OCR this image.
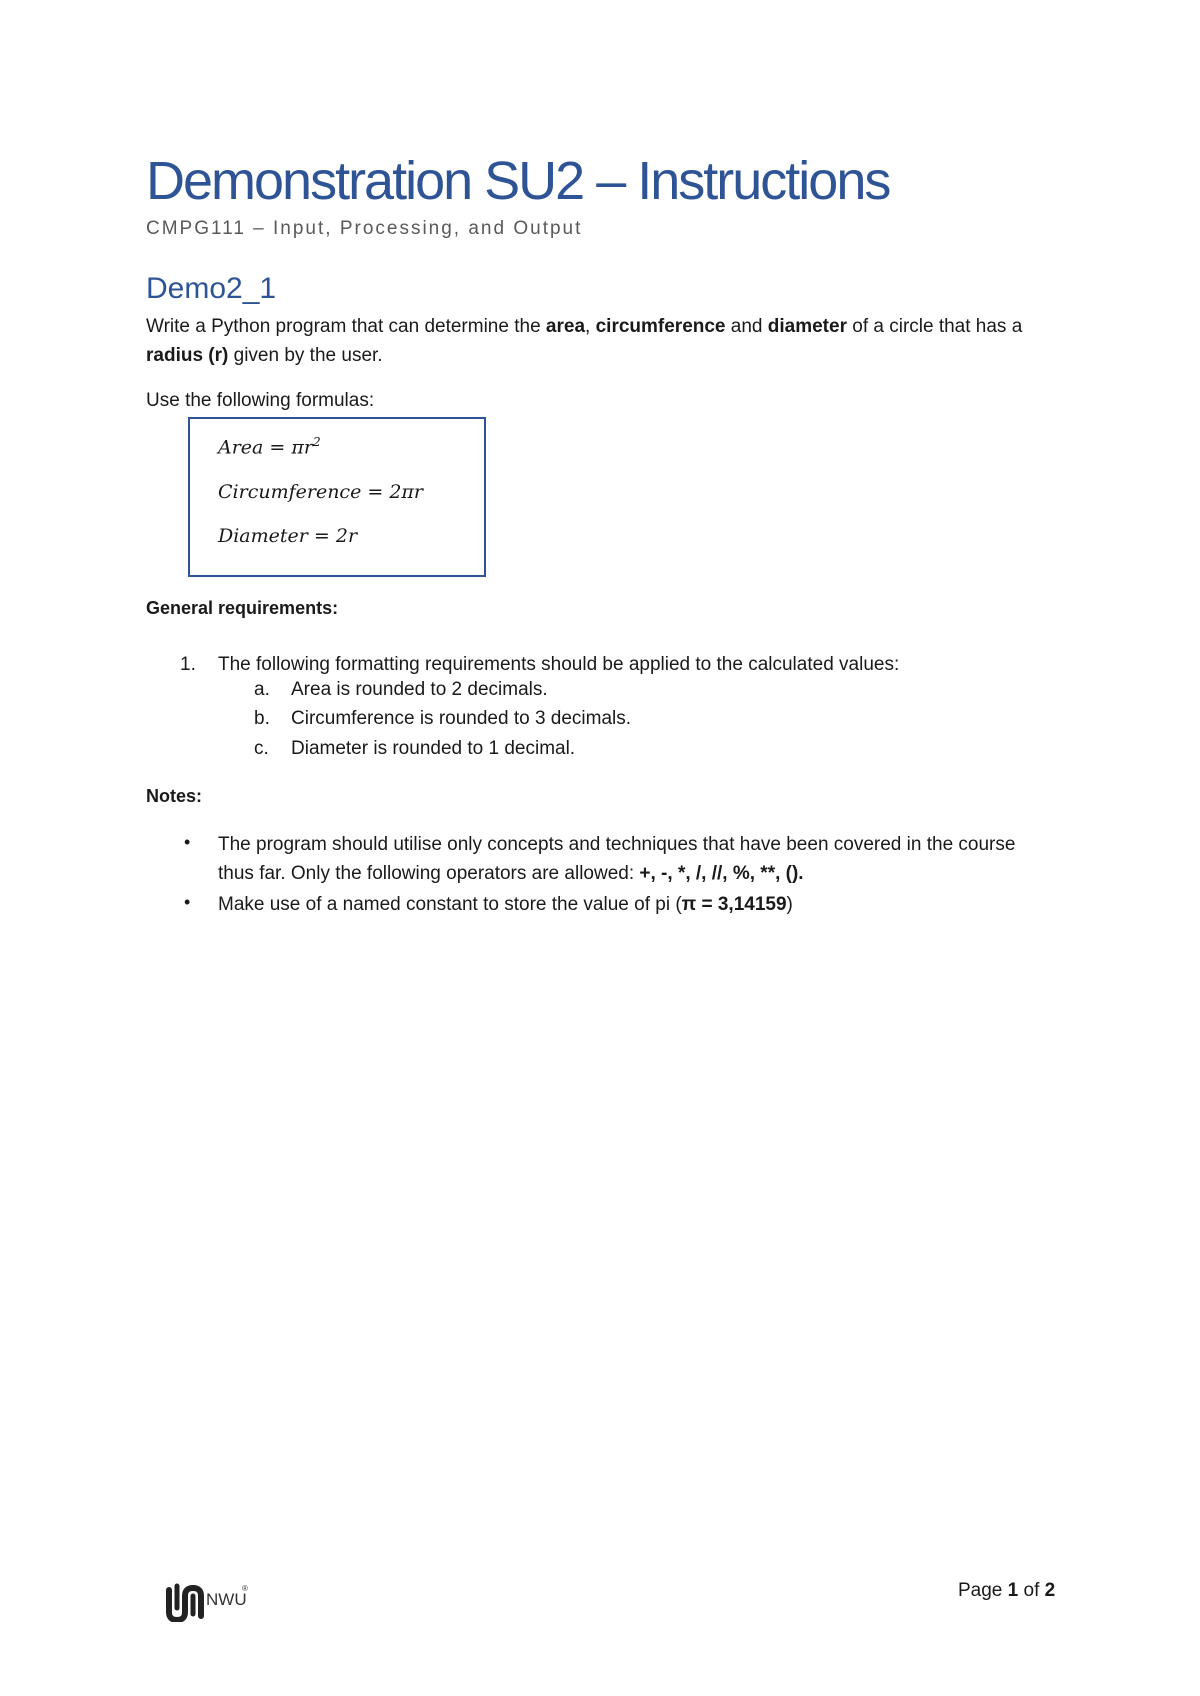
Demonstration SU2 – Instructions
CMPG111 – Input, Processing, and Output
Demo2_1
Write a Python program that can determine the area, circumference and diameter of a circle that has a radius (r) given by the user.
Use the following formulas:
Area = $\pi r^2$
Circumference = 2πr
Diameter = 2r
General requirements:
1.	The following formatting requirements should be applied to the calculated values:
a. Area is rounded to 2 decimals.
b. Circumference is rounded to 3 decimals.
c. Diameter is rounded to 1 decimal.
Notes:
• The program should utilise only concepts and techniques that have been covered in the course thus far. Only the following operators are allowed: +, -, *, /, //, %, **, ().
• Make use of a named constant to store the value of pi (π = 3,14159)
NWU
®	Page 1 of 2
